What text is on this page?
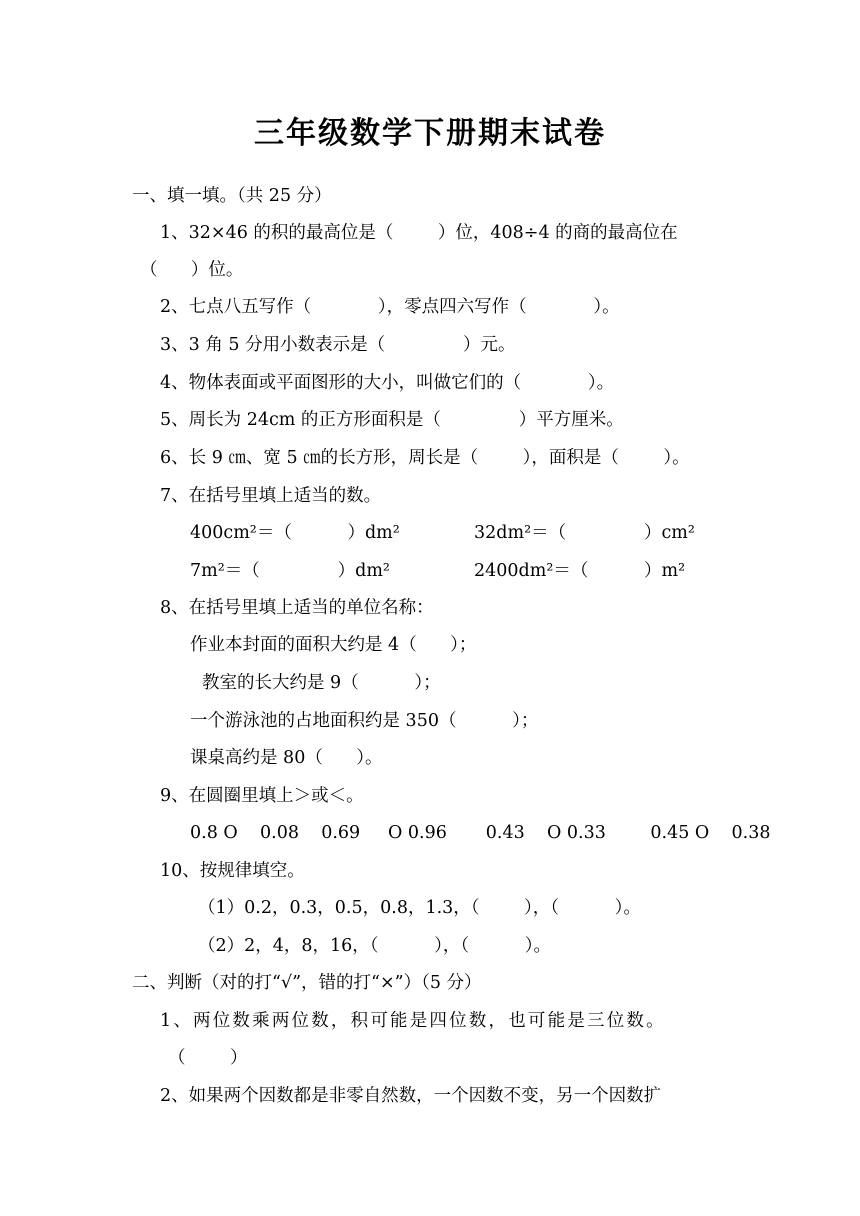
三年级数学下册期末试卷
一、填一填。（共 25 分）
1、32×46 的积的最高位是（        ）位，408÷4 的商的最高位在
（      ）位。
2、七点八五写作（            ），零点四六写作（            ）。
3、3 角 5 分用小数表示是（              ）元。
4、物体表面或平面图形的大小，叫做它们的（            ）。
5、周长为 24cm 的正方形面积是（              ）平方厘米。
6、长 9 ㎝、宽 5 ㎝的长方形，周长是（        ），面积是（        ）。
7、在括号里填上适当的数。
400cm²＝（          ）dm²	32dm²＝（              ）cm²
7m²＝（              ）dm²	2400dm²＝（          ）m²
8、在括号里填上适当的单位名称：
作业本封面的面积大约是 4（      ）；
教室的长大约是 9（          ）；
一个游泳池的占地面积约是 350（          ）；
课桌高约是 80（      ）。
9、在圆圈里填上＞或＜。
0.8 O    0.08    0.69     O 0.96       0.43    O 0.33        0.45 O    0.38
10、按规律填空。
（1）0.2，0.3，0.5，0.8，1.3，（        ），（          ）。
（2）2，4，8，16，（          ），（          ）。
二、判断（对的打“√”，错的打“×”）（5 分）
1、两位数乘两位数，积可能是四位数，也可能是三位数。
（        ）
2、如果两个因数都是非零自然数，一个因数不变，另一个因数扩
